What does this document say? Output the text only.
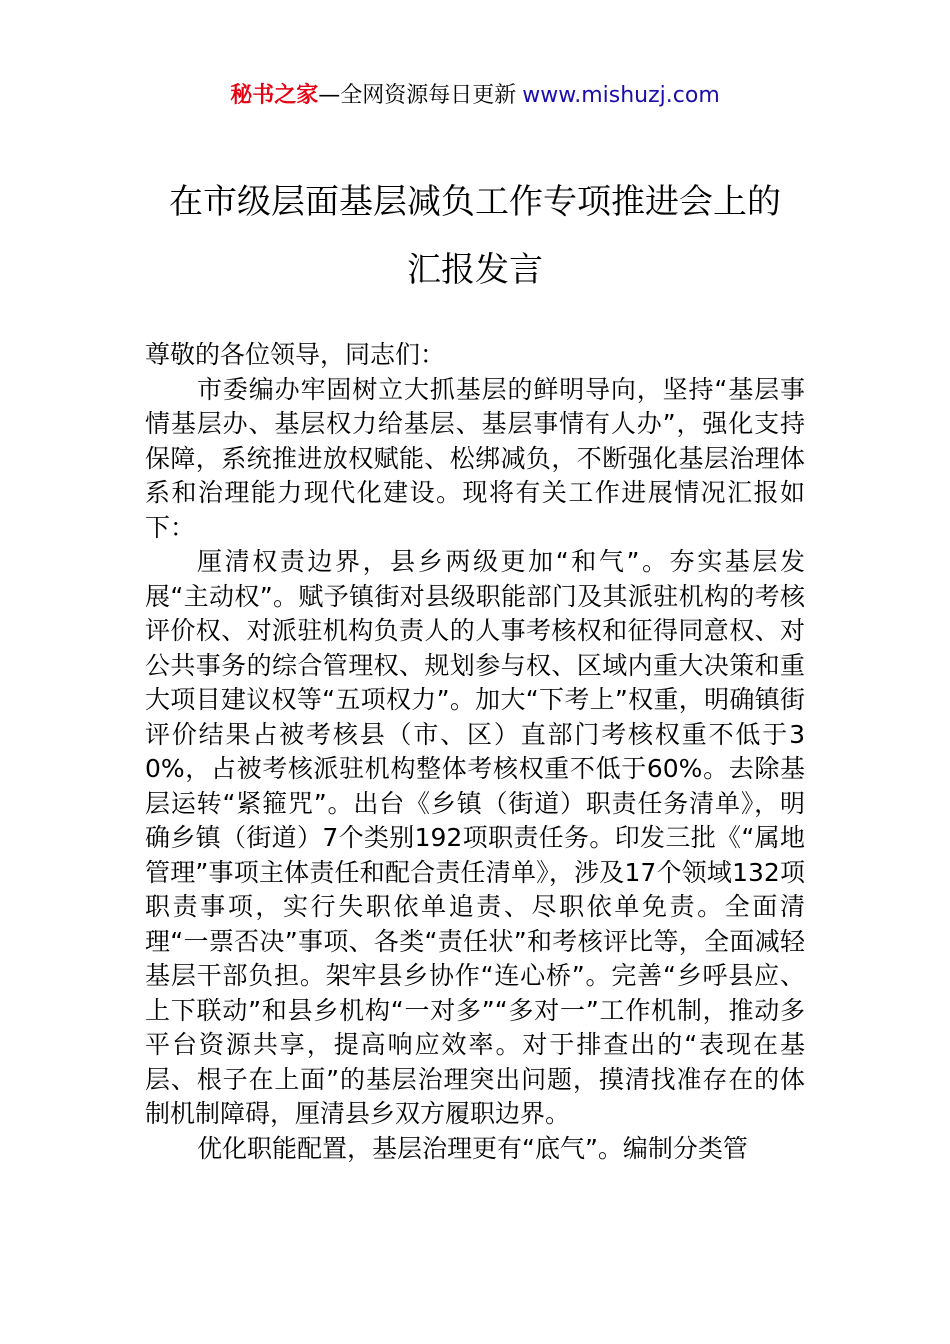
秘书之家—全网资源每日更新 www.mishuzj.com
在市级层面基层减负工作专项推进会上的
汇报发言

尊敬的各位领导，同志们：

市委编办牢固树立大抓基层的鲜明导向，坚持“基层事情基层办、基层权力给基层、基层事情有人办”，强化支持保障，系统推进放权赋能、松绑减负，不断强化基层治理体系和治理能力现代化建设。现将有关工作进展情况汇报如下：

厘清权责边界，县乡两级更加“和气”。夯实基层发展“主动权”。赋予镇街对县级职能部门及其派驻机构的考核评价权、对派驻机构负责人的人事考核权和征得同意权、对公共事务的综合管理权、规划参与权、区域内重大决策和重大项目建议权等“五项权力”。加大“下考上”权重，明确镇街评价结果占被考核县（市、区）直部门考核权重不低于30%，占被考核派驻机构整体考核权重不低于60%。去除基层运转“紧箍咒”。出台《乡镇（街道）职责任务清单》，明确乡镇（街道）7个类别192项职责任务。印发三批《“属地管理”事项主体责任和配合责任清单》，涉及17个领域132项职责事项，实行失职依单追责、尽职依单免责。全面清理“一票否决”事项、各类“责任状”和考核评比等，全面减轻基层干部负担。架牢县乡协作“连心桥”。完善“乡呼县应、上下联动”和县乡机构“一对多”“多对一”工作机制，推动多平台资源共享，提高响应效率。对于排查出的“表现在基层、根子在上面”的基层治理突出问题，摸清找准存在的体制机制障碍，厘清县乡双方履职边界。

优化职能配置，基层治理更有“底气”。编制分类管
